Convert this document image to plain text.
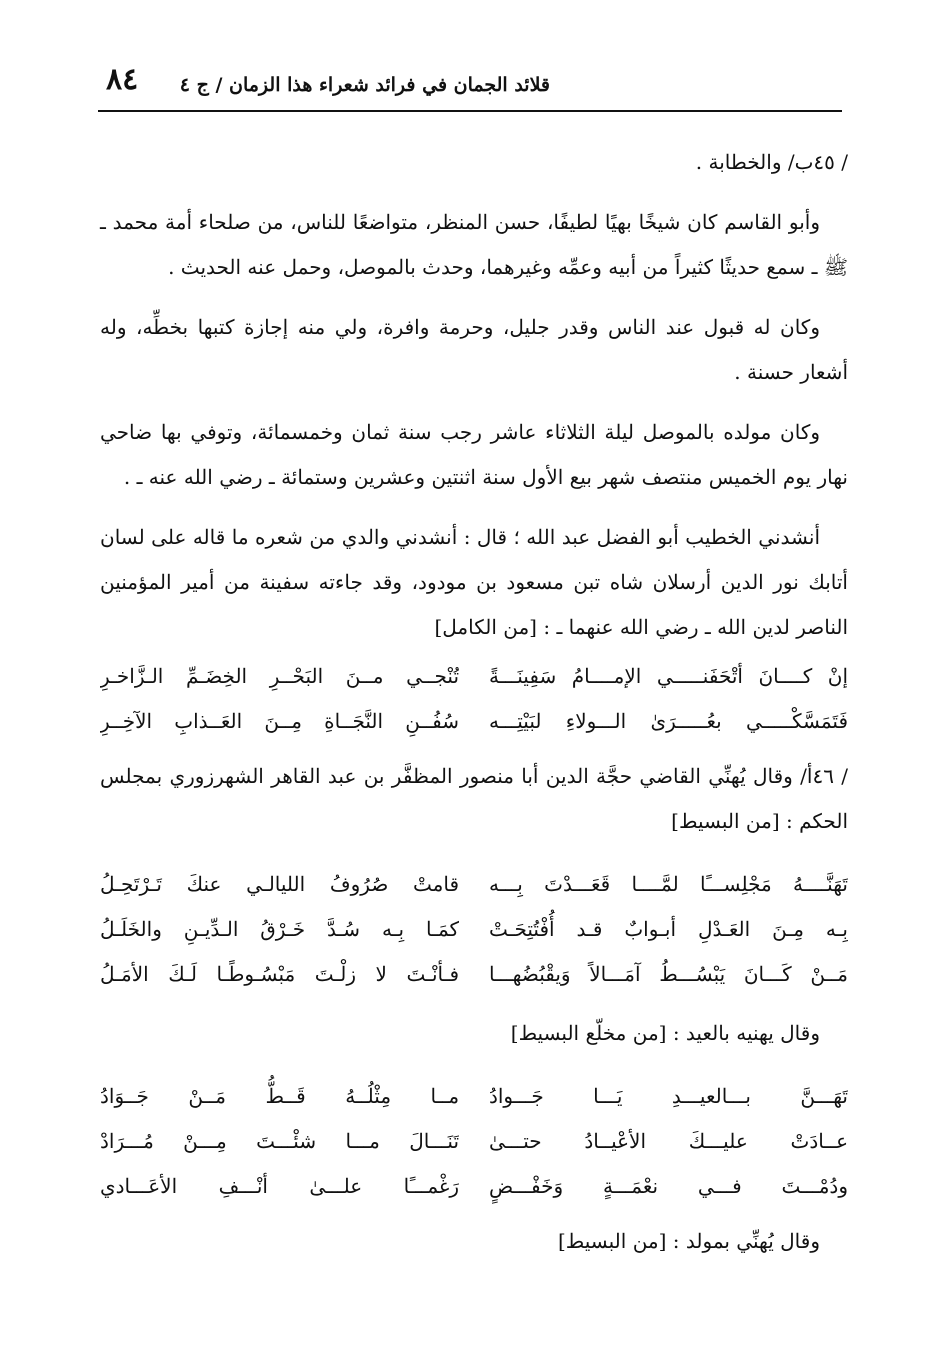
٨٤ قلائد الجمان في فرائد شعراء هذا الزمان / ج ٤

/ ٤٥ب/ والخطابة .

وأبو القاسم كان شيخًا بهيًا لطيفًا، حسن المنظر، متواضعًا للناس، من صلحاء أمة محمد ـ ﷺ ـ سمع حديثًا كثيراً من أبيه وعمِّه وغيرهما، وحدث بالموصل، وحمل عنه الحديث .

وكان له قبول عند الناس وقدر جليل، وحرمة وافرة، ولي منه إجازة كتبها بخطِّه، وله أشعار حسنة .

وكان مولده بالموصل ليلة الثلاثاء عاشر رجب سنة ثمان وخمسمائة، وتوفي بها ضاحي نهار يوم الخميس منتصف شهر بيع الأول سنة اثنتين وعشرين وستمائة ـ رضي الله عنه ـ .

أنشدني الخطيب أبو الفضل عبد الله ؛ قال : أنشدني والدي من شعره ما قاله على لسان أتابك نور الدين أرسلان شاه تبن مسعود بن مودود، وقد جاءته سفينة من أمير المؤمنين الناصر لدين الله ـ رضي الله عنهما ـ : [من الكامل]

إنْ كــــانَ أتْحَفَنـــــي الإمــــامُ سَفِينَـــةً
تُنْجــي مــنَ البَحْــرِ الخِضَـمِّ الـزَّاخـرِ
فَتَمَسَّكْـــــي بعُـــــرَىٰ الـــولاءِ لبَيْتِـــه
سُفُــنِ النَّجَــاةِ مِــنَ العَــذابِ الآخِــرِ

/ ٤٦أ/ وقال يُهنِّي القاضي حجَّة الدين أبا منصور المظفَّر بن عبد القاهر الشهرزوري بمجلس الحكم : [من البسيط]

تَهَنَّــــهُ مَجْلِســـًا لمَّــــا قَعَـــدْتَ بِـــه
قامتْ صُرُوفُ الليالـي عنكَ تَـرْتَحِـلُ
بِـه مِـنَ العَـدْلِ أبـوابٌ قـد أُفْتُتِحَـتْ
كمَـا بِـه سُـدَّ خَـرْقُ الـدِّيـنِ والخَلَـلُ
مَــنْ كَـــانَ يَبْسُـــطُ آمَـــالاً وَيقْبُضُهـــا
فـأنْـتَ لا زلْـتَ مَبْسُـوطًـا لَـكَ الأمَـلُ

وقال يهنيه بالعيد : [من مخلّع البسيط]

تَهَـــنَّ بـــالعيـــدِ يَـــا جَـــوادُ
مــا مِثْلُــهُ قَــطُّ مَــنْ جَــوَادُ
عــادَتْ عليـــكَ الأعْيــادُ حتـــىٰ
تَنَـــالَ مـــا شئْـــتَ مِـــنْ مُـــرَادْ
ودُمْـــتَ فـــي نعْمَـــةٍ وَخَفْـــضٍ
رَغْمـــًا علـــىٰ أنْـــفِ الأعَـــادي

وقال يُهنِّي بمولد : [من البسيط]
